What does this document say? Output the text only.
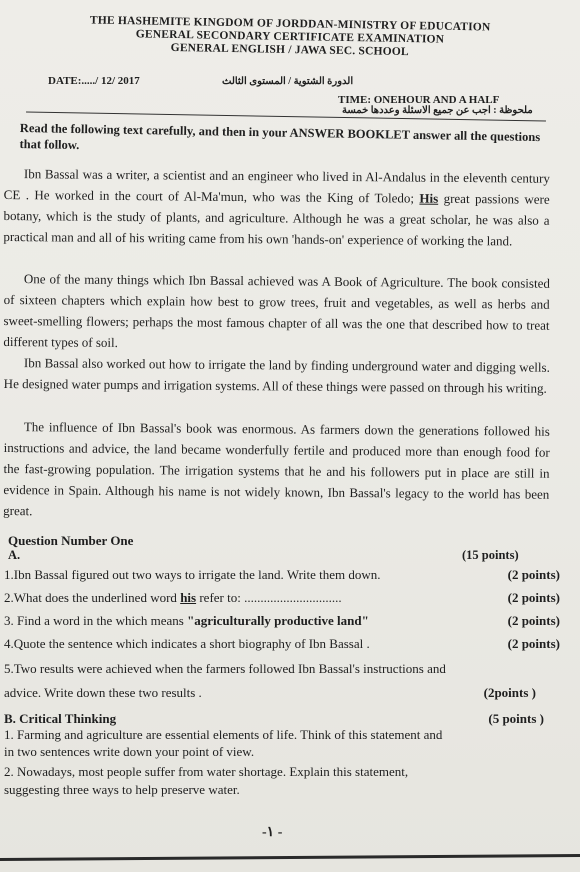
THE HASHEMITE KINGDOM OF JORDDAN-MINISTRY OF EDUCATION
GENERAL SECONDARY CERTIFICATE EXAMINATION
GENERAL ENGLISH / JAWA SEC. SCHOOL
DATE:...../ 12/ 2017	الدورة الشتوية / المستوى الثالث
TIME: ONEHOUR AND A HALF
ملحوظة : اجب عن جميع الاسئلة وعددها خمسة
Read the following text carefully, and then in your ANSWER BOOKLET answer all the questions that follow.
Ibn Bassal was a writer, a scientist and an engineer who lived in Al-Andalus in the eleventh century CE . He worked in the court of Al-Ma'mun, who was the King of Toledo; His great passions were botany, which is the study of plants, and agriculture. Although he was a great scholar, he was also a practical man and all of his writing came from his own 'hands-on' experience of working the land.
One of the many things which Ibn Bassal achieved was A Book of Agriculture. The book consisted of sixteen chapters which explain how best to grow trees, fruit and vegetables, as well as herbs and sweet-smelling flowers; perhaps the most famous chapter of all was the one that described how to treat different types of soil.
Ibn Bassal also worked out how to irrigate the land by finding underground water and digging wells. He designed water pumps and irrigation systems. All of these things were passed on through his writing.
The influence of Ibn Bassal's book was enormous. As farmers down the generations followed his instructions and advice, the land became wonderfully fertile and produced more than enough food for the fast-growing population. The irrigation systems that he and his followers put in place are still in evidence in Spain. Although his name is not widely known, Ibn Bassal's legacy to the world has been great.
Question Number One
A.	(15 points)
1.Ibn Bassal figured out two ways to irrigate the land. Write them down.	(2 points)
2.What does the underlined word his refer to: ..............................	(2 points)
3. Find a word in the which means "agriculturally productive land"	(2 points)
4.Quote the sentence which indicates a short biography of Ibn Bassal .	(2 points)
5.Two results were achieved when the farmers followed Ibn Bassal's instructions and
advice. Write down these two results .	(2points )
B. Critical Thinking	(5 points )
1. Farming and agriculture are essential elements of life. Think of this statement and
in two sentences write down your point of view.
2. Nowadays, most people suffer from water shortage. Explain this statement,
suggesting three ways to help preserve water.
-١ -
